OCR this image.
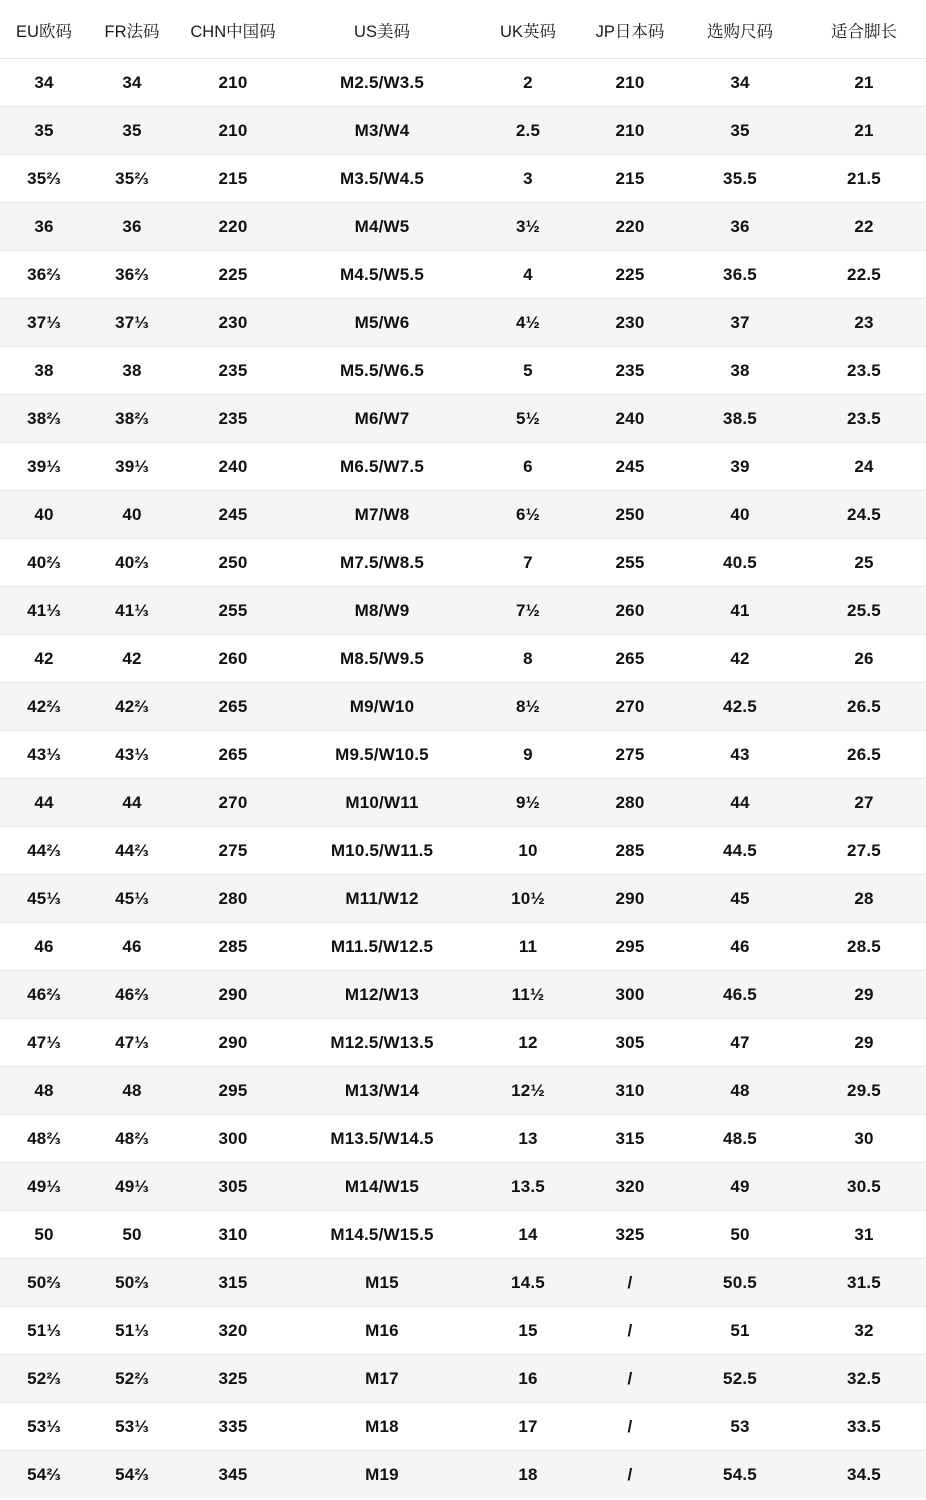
EU欧码	FR法码	CHN中国码	US美码	UK英码	JP日本码	选购尺码	适合脚长
34	34	210	M2.5/W3.5	2	210	34	21
35	35	210	M3/W4	2.5	210	35	21
35⅔	35⅔	215	M3.5/W4.5	3	215	35.5	21.5
36	36	220	M4/W5	3½	220	36	22
36⅔	36⅔	225	M4.5/W5.5	4	225	36.5	22.5
37⅓	37⅓	230	M5/W6	4½	230	37	23
38	38	235	M5.5/W6.5	5	235	38	23.5
38⅔	38⅔	235	M6/W7	5½	240	38.5	23.5
39⅓	39⅓	240	M6.5/W7.5	6	245	39	24
40	40	245	M7/W8	6½	250	40	24.5
40⅔	40⅔	250	M7.5/W8.5	7	255	40.5	25
41⅓	41⅓	255	M8/W9	7½	260	41	25.5
42	42	260	M8.5/W9.5	8	265	42	26
42⅔	42⅔	265	M9/W10	8½	270	42.5	26.5
43⅓	43⅓	265	M9.5/W10.5	9	275	43	26.5
44	44	270	M10/W11	9½	280	44	27
44⅔	44⅔	275	M10.5/W11.5	10	285	44.5	27.5
45⅓	45⅓	280	M11/W12	10½	290	45	28
46	46	285	M11.5/W12.5	11	295	46	28.5
46⅔	46⅔	290	M12/W13	11½	300	46.5	29
47⅓	47⅓	290	M12.5/W13.5	12	305	47	29
48	48	295	M13/W14	12½	310	48	29.5
48⅔	48⅔	300	M13.5/W14.5	13	315	48.5	30
49⅓	49⅓	305	M14/W15	13.5	320	49	30.5
50	50	310	M14.5/W15.5	14	325	50	31
50⅔	50⅔	315	M15	14.5	/	50.5	31.5
51⅓	51⅓	320	M16	15	/	51	32
52⅔	52⅔	325	M17	16	/	52.5	32.5
53⅓	53⅓	335	M18	17	/	53	33.5
54⅔	54⅔	345	M19	18	/	54.5	34.5
